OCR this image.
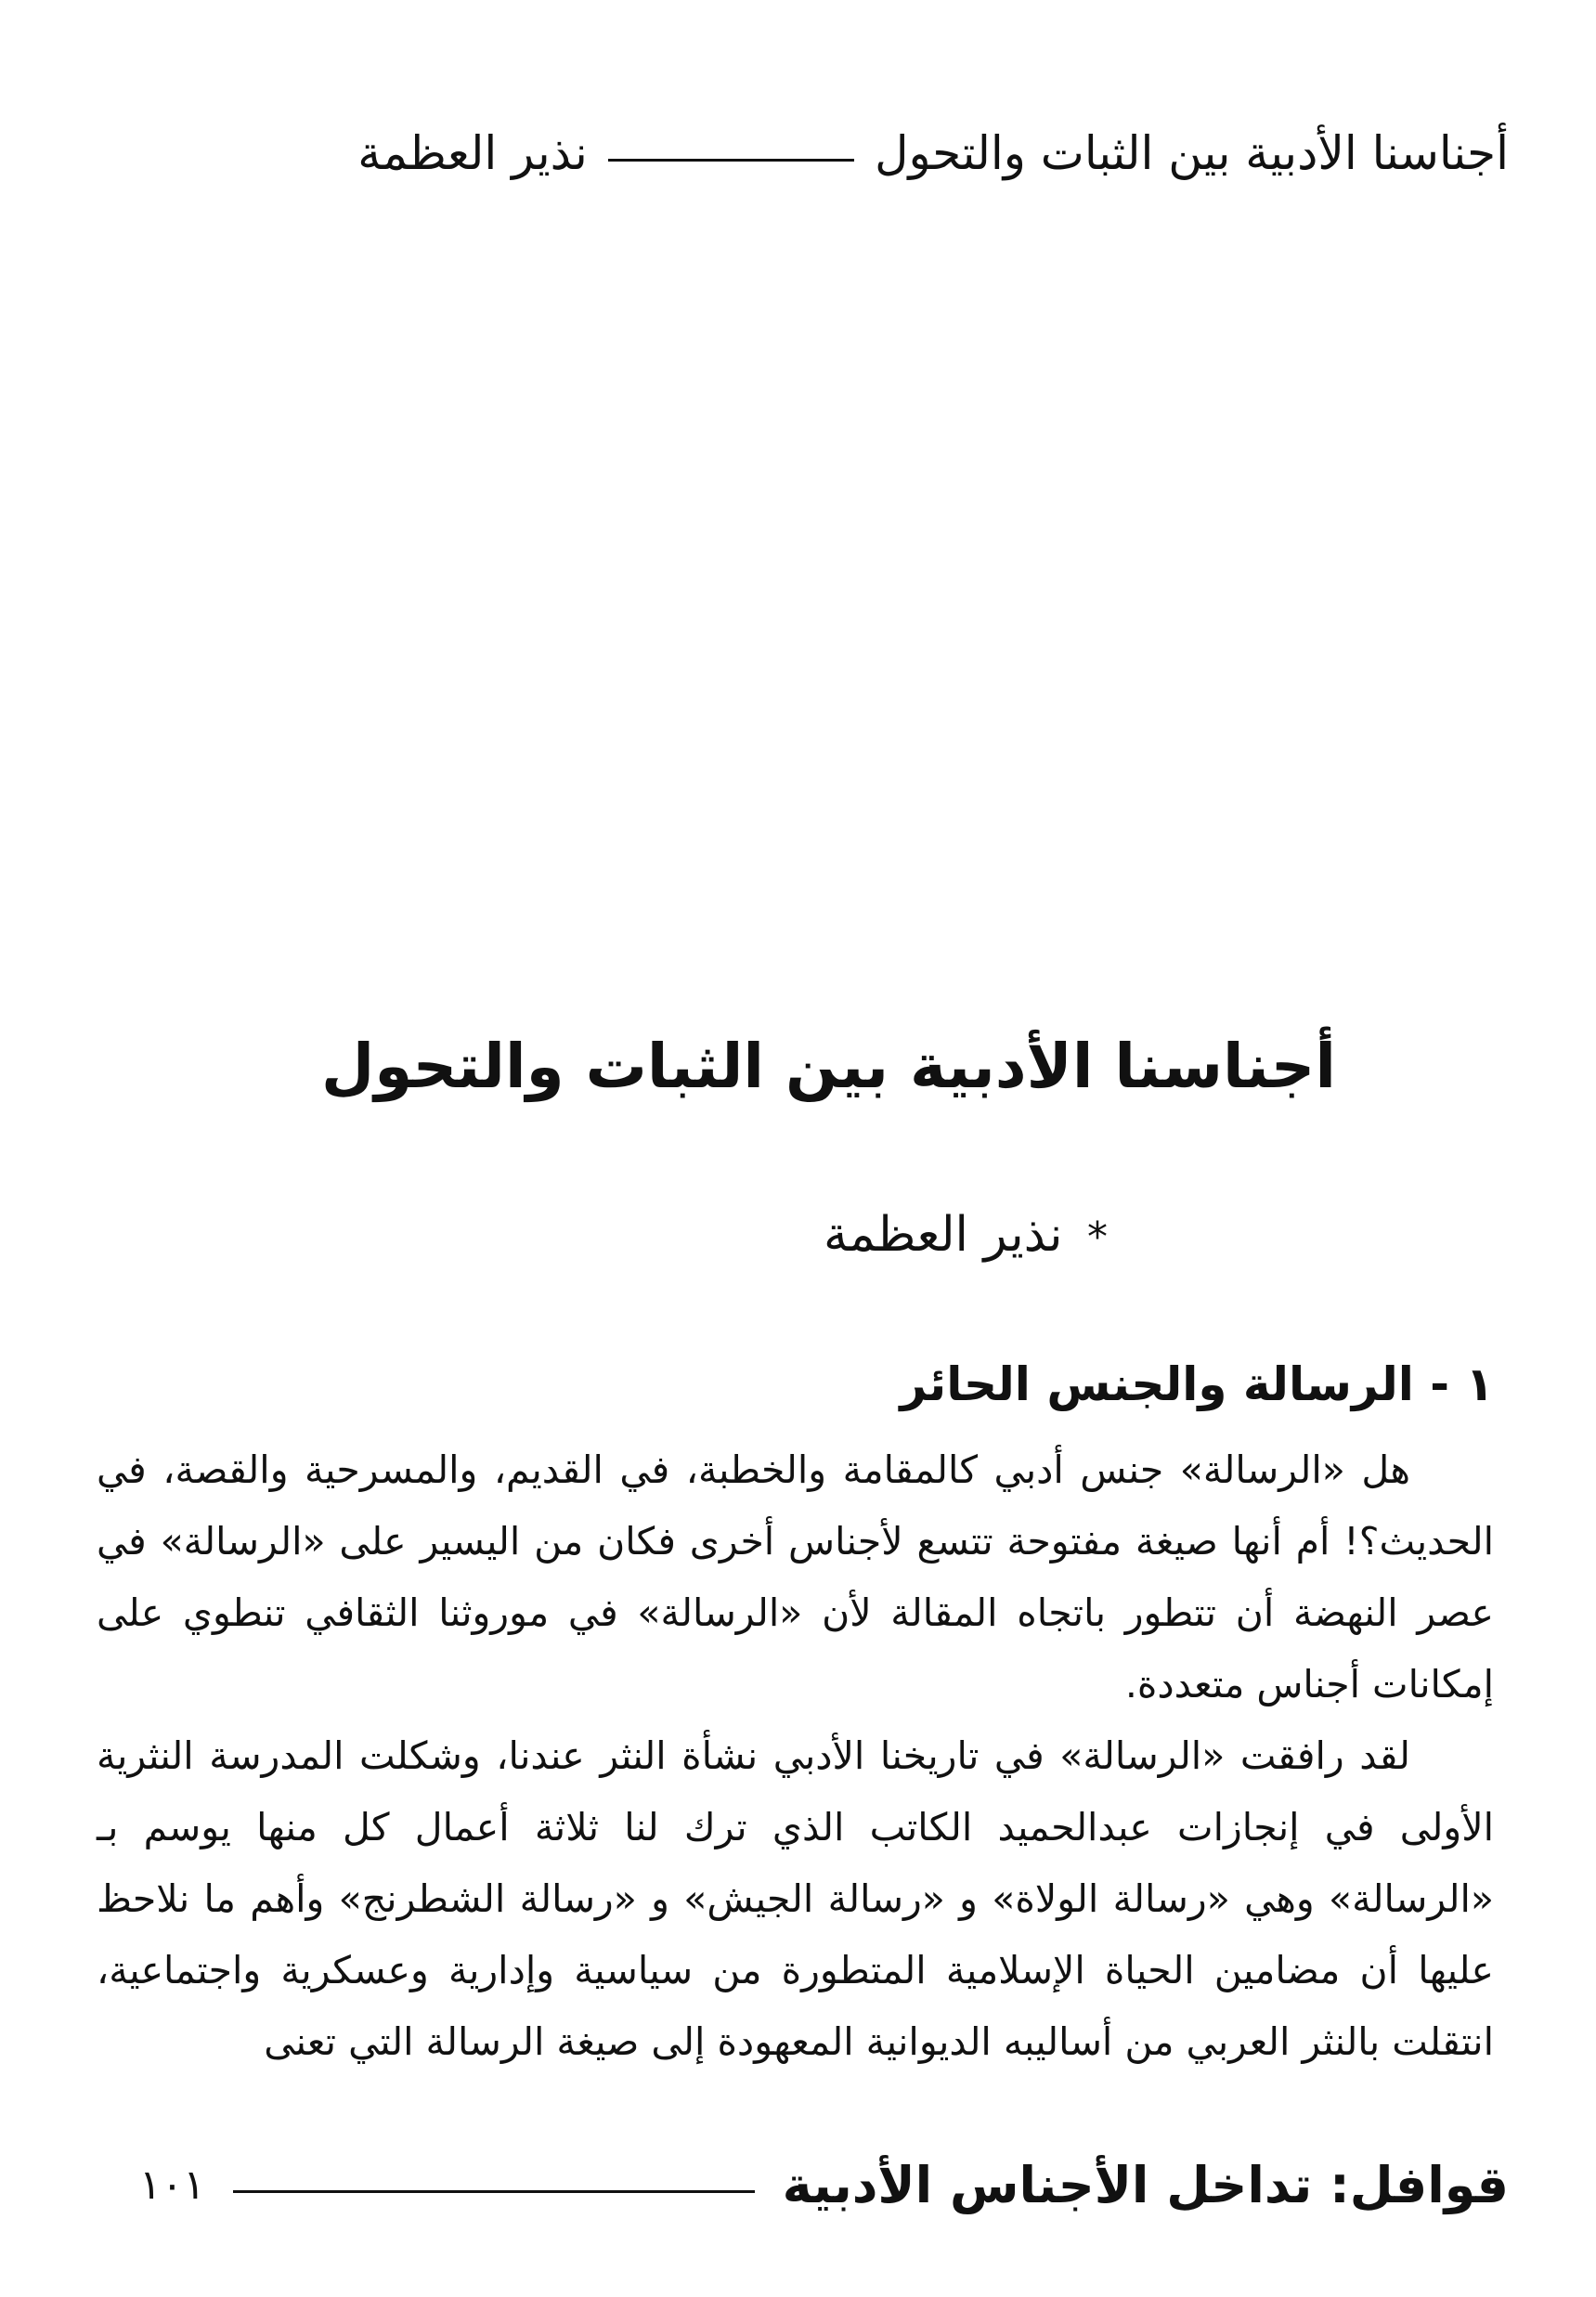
أجناسنا الأدبية بين الثبات والتحول
نذير العظمة
أجناسنا الأدبية بين الثبات والتحول
* نذير العظمة
١ - الرسالة والجنس الحائر

هل «الرسالة» جنس أدبي كالمقامة والخطبة، في القديم، والمسرحية والقصة، في الحديث؟! أم أنها صيغة مفتوحة تتسع لأجناس أخرى فكان من اليسير على «الرسالة» في عصر النهضة أن تتطور باتجاه المقالة لأن «الرسالة» في موروثنا الثقافي تنطوي على إمكانات أجناس متعددة.

لقد رافقت «الرسالة» في تاريخنا الأدبي نشأة النثر عندنا، وشكلت المدرسة النثرية الأولى في إنجازات عبدالحميد الكاتب الذي ترك لنا ثلاثة أعمال كل منها يوسم بـ «الرسالة» وهي «رسالة الولاة» و «رسالة الجيش» و «رسالة الشطرنج» وأهم ما نلاحظ عليها أن مضامين الحياة الإسلامية المتطورة من سياسية وإدارية وعسكرية واجتماعية، انتقلت بالنثر العربي من أساليبه الديوانية المعهودة إلى صيغة الرسالة التي تعنى

قوافل: تداخل الأجناس الأدبية
١٠١
